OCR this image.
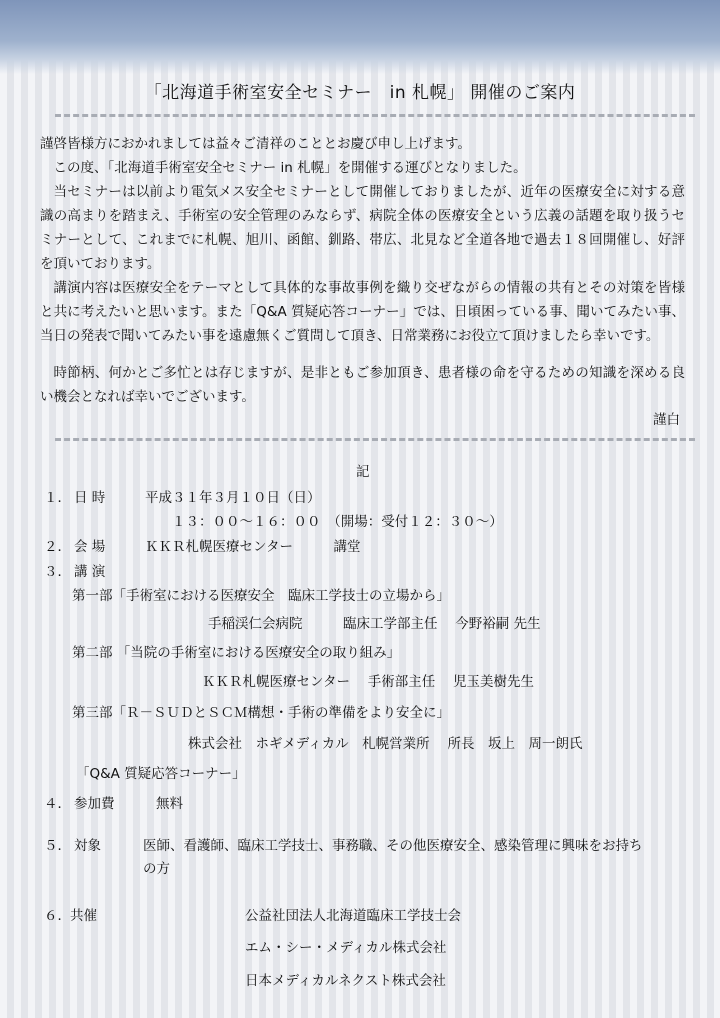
「北海道手術室安全セミナー　in 札幌」 開催のご案内
謹啓皆様方におかれましては益々ご清祥のこととお慶び申し上げます。
この度、「北海道手術室安全セミナー in 札幌」を開催する運びとなりました。
当セミナーは以前より電気メス安全セミナーとして開催しておりましたが、近年の医療安全に対する意識の高まりを踏まえ、手術室の安全管理のみならず、病院全体の医療安全という広義の話題を取り扱うセミナーとして、これまでに札幌、旭川、函館、釧路、帯広、北見など全道各地で過去１８回開催し、好評を頂いております。
講演内容は医療安全をテーマとして具体的な事故事例を織り交ぜながらの情報の共有とその対策を皆様と共に考えたいと思います。また「Q&A 質疑応答コーナー」では、日頃困っている事、聞いてみたい事、当日の発表で聞いてみたい事を遠慮無くご質問して頂き、日常業務にお役立て頂けましたら幸いです。
時節柄、何かとご多忙とは存じますが、是非ともご参加頂き、患者様の命を守るための知識を深める良い機会となれば幸いでございます。
謹白
記
１． 日 時	平成３１年３月１０日（日）
１３：００〜１６：００　（開場：受付１２：３０〜）
２． 会 場	ＫＫＲ札幌医療センター　　　講堂
３． 講 演
第一部「手術室における医療安全　臨床工学技士の立場から」
手稲渓仁会病院　　　臨床工学部主任　 今野裕嗣 先生
第二部 「当院の手術室における医療安全の取り組み」
ＫＫＲ札幌医療センター　 手術部主任　 児玉美樹先生
第三部「Ｒ－ＳＵＤとＳＣＭ構想・手術の準備をより安全に」
株式会社　ホギメディカル　札幌営業所　 所長　坂上　周一朗氏
「Q&A 質疑応答コーナー」
４． 参加費	無料
５． 対象	医師、看護師、臨床工学技士、事務職、その他医療安全、感染管理に興味をお持ち
の方
６． 共催	公益社団法人北海道臨床工学技士会
エム・シー・メディカル株式会社
日本メディカルネクスト株式会社
